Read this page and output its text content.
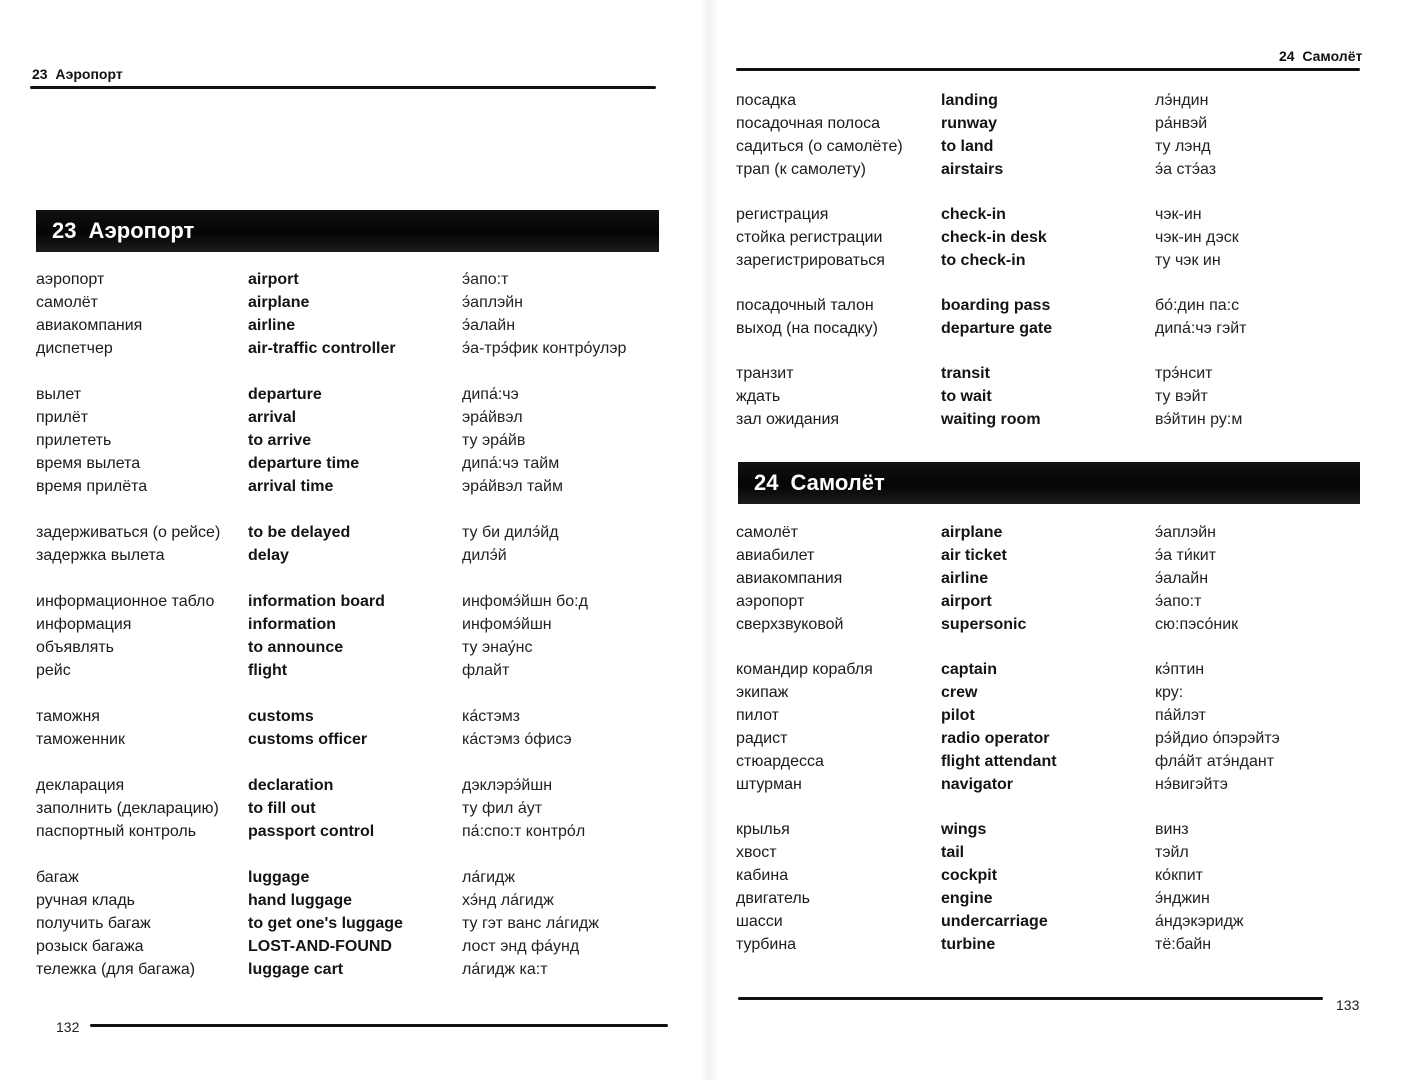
23 Аэропорт
23 Аэропорт
аэропорт	airport	э́апо:т
самолёт	airplane	э́аплэйн
авиакомпания	airline	э́алайн
диспетчер	air-traffic controller	э́а-трэ́фик контро́улэр
вылет	departure	дипа́:чэ
прилёт	arrival	эра́йвэл
прилететь	to arrive	ту эра́йв
время вылета	departure time	дипа́:чэ тайм
время прилёта	arrival time	эра́йвэл тайм
задерживаться (о рейсе) to be delayed	ту би дилэ́йд
задержка вылета	delay	дилэ́й
информационное табло information board	инфомэ́йшн бо:д
информация	information	инфомэ́йшн
объявлять	to announce	ту энау́нс
рейс	flight	флайт
таможня	customs	ка́стэмз
таможенник	customs officer	ка́стэмз о́фисэ
декларация	declaration	дэклэрэ́йшн
заполнить (декларацию) to fill out	ту фил а́ут
паспортный контроль	passport control	па́:спо:т контро́л
багаж	luggage	ла́гидж
ручная кладь	hand luggage	хэ́нд ла́гидж
получить багаж	to get one's luggage	ту гэт ванс ла́гидж
розыск багажа	LOST-AND-FOUND	лост энд фа́унд
тележка (для багажа)	luggage cart	ла́гидж ка:т
132
24 Самолёт
посадка	landing	лэ́ндин
посадочная полоса	runway	ра́нвэй
садиться (о самолёте) to land	ту лэнд
трап (к самолету)	airstairs	э́а стэ́аз
регистрация	check-in	чэк-ин
стойка регистрации	check-in desk	чэк-ин дэск
зарегистрироваться	to check-in	ту чэк ин
посадочный талон	boarding pass	бо́:дин па:с
выход (на посадку)	departure gate	дипа́:чэ гэйт
транзит	transit	трэ́нсит
ждать	to wait	ту вэйт
зал ожидания	waiting room	вэ́йтин ру:м
24 Самолёт
самолёт	airplane	э́аплэйн
авиабилет	air ticket	э́а ти́кит
авиакомпания	airline	э́алайн
аэропорт	airport	э́апо:т
сверхзвуковой	supersonic	сю:пэсо́ник
командир корабля	captain	кэ́птин
экипаж	crew	кру:
пилот	pilot	па́йлэт
радист	radio operator	рэ́йдио о́пэрэйтэ
стюардесса	flight attendant	фла́йт атэ́ндант
штурман	navigator	нэ́вигэйтэ
крылья	wings	винз
хвост	tail	тэйл
кабина	cockpit	ко́кпит
двигатель	engine	э́нджин
шасси	undercarriage	а́ндэкэридж
турбина	turbine	тё:байн
133
